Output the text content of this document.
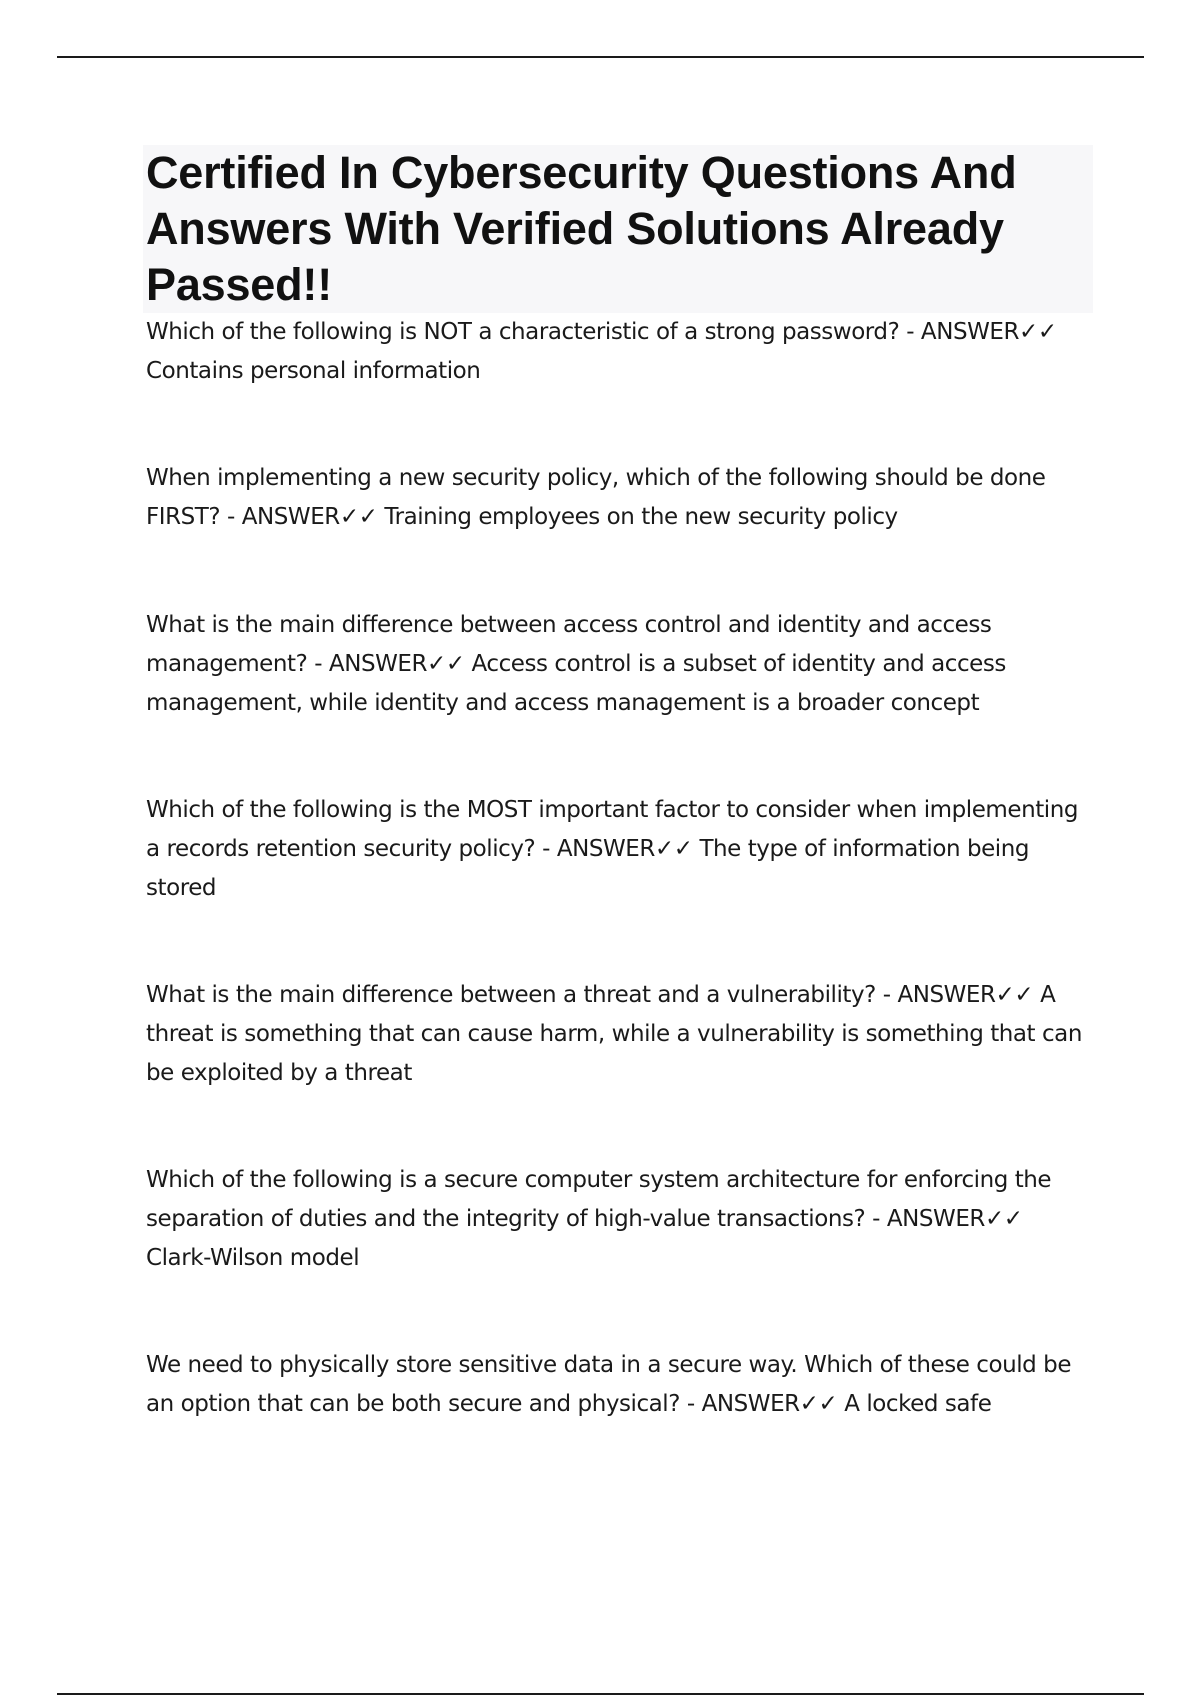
Certified In Cybersecurity Questions And Answers With Verified Solutions Already Passed!!

Which of the following is NOT a characteristic of a strong password? - ANSWER✓✓ Contains personal information

When implementing a new security policy, which of the following should be done FIRST? - ANSWER✓✓ Training employees on the new security policy

What is the main difference between access control and identity and access management? - ANSWER✓✓ Access control is a subset of identity and access management, while identity and access management is a broader concept

Which of the following is the MOST important factor to consider when implementing a records retention security policy? - ANSWER✓✓ The type of information being stored

What is the main difference between a threat and a vulnerability? - ANSWER✓✓ A threat is something that can cause harm, while a vulnerability is something that can be exploited by a threat

Which of the following is a secure computer system architecture for enforcing the separation of duties and the integrity of high-value transactions? - ANSWER✓✓ Clark-Wilson model

We need to physically store sensitive data in a secure way. Which of these could be an option that can be both secure and physical? - ANSWER✓✓ A locked safe
